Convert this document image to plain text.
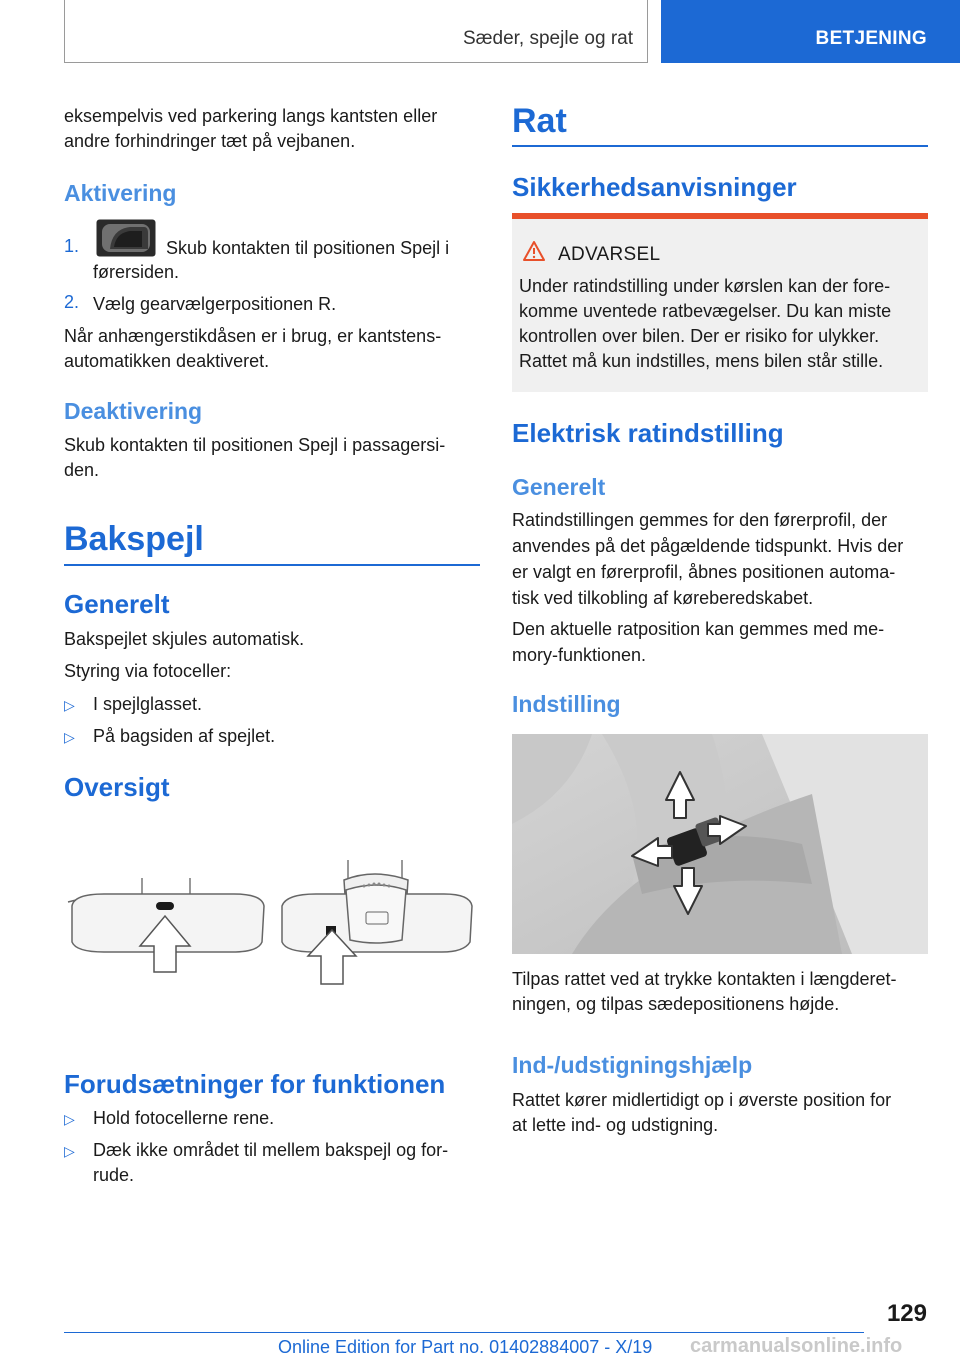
Sæder, spejle og rat	BETJENING

eksempelvis ved parkering langs kantsten eller

andre forhindringer tæt på vejbanen.

Aktivering
1.	Skub kontakten til positionen Spejl i

førersiden.

2. Vælg gearvælgerpositionen R.

Når anhængerstikdåsen er i brug, er kantstens‐

automatikken deaktiveret.

Deaktivering

Skub kontakten til positionen Spejl i passagersi‐

den.

Bakspejl
Generelt

Bakspejlet skjules automatisk.

Styring via fotoceller:

▷ I spejlglasset.

▷ På bagsiden af spejlet.

Oversigt
Forudsætninger for funktionen
▷ Hold fotocellerne rene.

▷ Dæk ikke området til mellem bakspejl og for‐

rude.

Rat
Sikkerhedsanvisninger

ADVARSEL

Under ratindstilling under kørslen kan der fore‐

komme uventede ratbevægelser. Du kan miste

kontrollen over bilen. Der er risiko for ulykker.

Rattet må kun indstilles, mens bilen står stille.

Elektrisk ratindstilling
Generelt

Ratindstillingen gemmes for den førerprofil, der

anvendes på det pågældende tidspunkt. Hvis der

er valgt en førerprofil, åbnes positionen automa‐

tisk ved tilkobling af køreberedskabet.

Den aktuelle ratposition kan gemmes med me‐

mory-funktionen.

Indstilling

Tilpas rattet ved at trykke kontakten i længderet‐

ningen, og tilpas sædepositionens højde.

Ind-/udstigningshjælp

Rattet kører midlertidigt op i øverste position for

at lette ind- og udstigning.

129
Online Edition for Part no. 01402884007 - X/19 carmanualsonline.info
